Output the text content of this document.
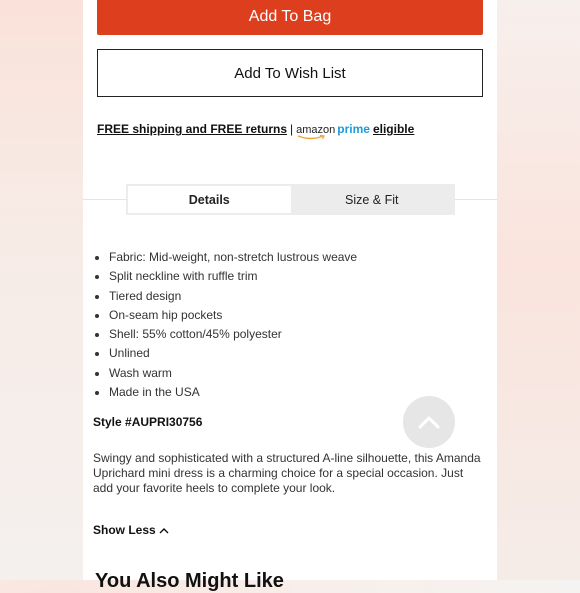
Add To Bag
Add To Wish List
FREE shipping and FREE returns | amazon prime eligible
Details	Size & Fit
• Fabric: Mid-weight, non-stretch lustrous weave
• Split neckline with ruffle trim
• Tiered design
• On-seam hip pockets
• Shell: 55% cotton/45% polyester
• Unlined
• Wash warm
• Made in the USA
Style #AUPRI30756
Swingy and sophisticated with a structured A-line silhouette, this Amanda Uprichard mini dress is a charming choice for a special occasion. Just add your favorite heels to complete your look.
Show Less
You Also Might Like
